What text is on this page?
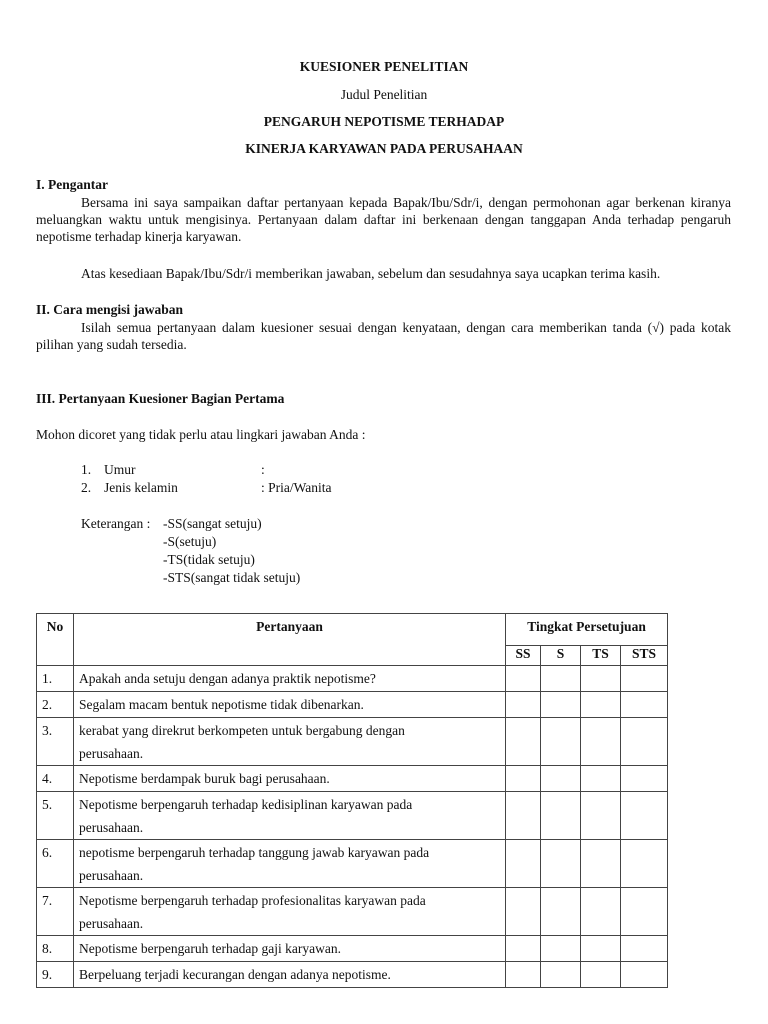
KUESIONER PENELITIAN
Judul Penelitian
PENGARUH NEPOTISME TERHADAP
KINERJA KARYAWAN PADA PERUSAHAAN
I. Pengantar

Bersama ini saya sampaikan daftar pertanyaan kepada Bapak/Ibu/Sdr/i, dengan permohonan agar berkenan kiranya meluangkan waktu untuk mengisinya. Pertanyaan dalam daftar ini berkenaan dengan tanggapan Anda terhadap pengaruh nepotisme terhadap kinerja karyawan.

Atas kesediaan Bapak/Ibu/Sdr/i memberikan jawaban, sebelum dan sesudahnya saya ucapkan terima kasih.

II. Cara mengisi jawaban

Isilah semua pertanyaan dalam kuesioner sesuai dengan kenyataan, dengan cara memberikan tanda (√) pada kotak pilihan yang sudah tersedia.

III. Pertanyaan Kuesioner Bagian Pertama
Mohon dicoret yang tidak perlu atau lingkari jawaban Anda :
1. Umur	:
2. Jenis kelamin	: Pria/Wanita
Keterangan : -SS(sangat setuju)
-S(setuju)
-TS(tidak setuju)
-STS(sangat tidak setuju)
No	Pertanyaan	Tingkat Persetujuan			
		SS	S	TS	STS
1.	Apakah anda setuju dengan adanya praktik nepotisme?				

2.	Segalam macam bentuk nepotisme tidak dibenarkan.				

3.	kerabat yang direkrut berkompeten untuk bergabung dengan
perusahaan.				

4.	Nepotisme berdampak buruk bagi perusahaan.				

5.	Nepotisme berpengaruh terhadap kedisiplinan karyawan pada
perusahaan.				

6.	nepotisme berpengaruh terhadap tanggung jawab karyawan pada
perusahaan.				

7.	Nepotisme berpengaruh terhadap profesionalitas karyawan pada
perusahaan.				

8.	Nepotisme berpengaruh terhadap gaji karyawan.				

9.	Berpeluang terjadi kecurangan dengan adanya nepotisme.				
